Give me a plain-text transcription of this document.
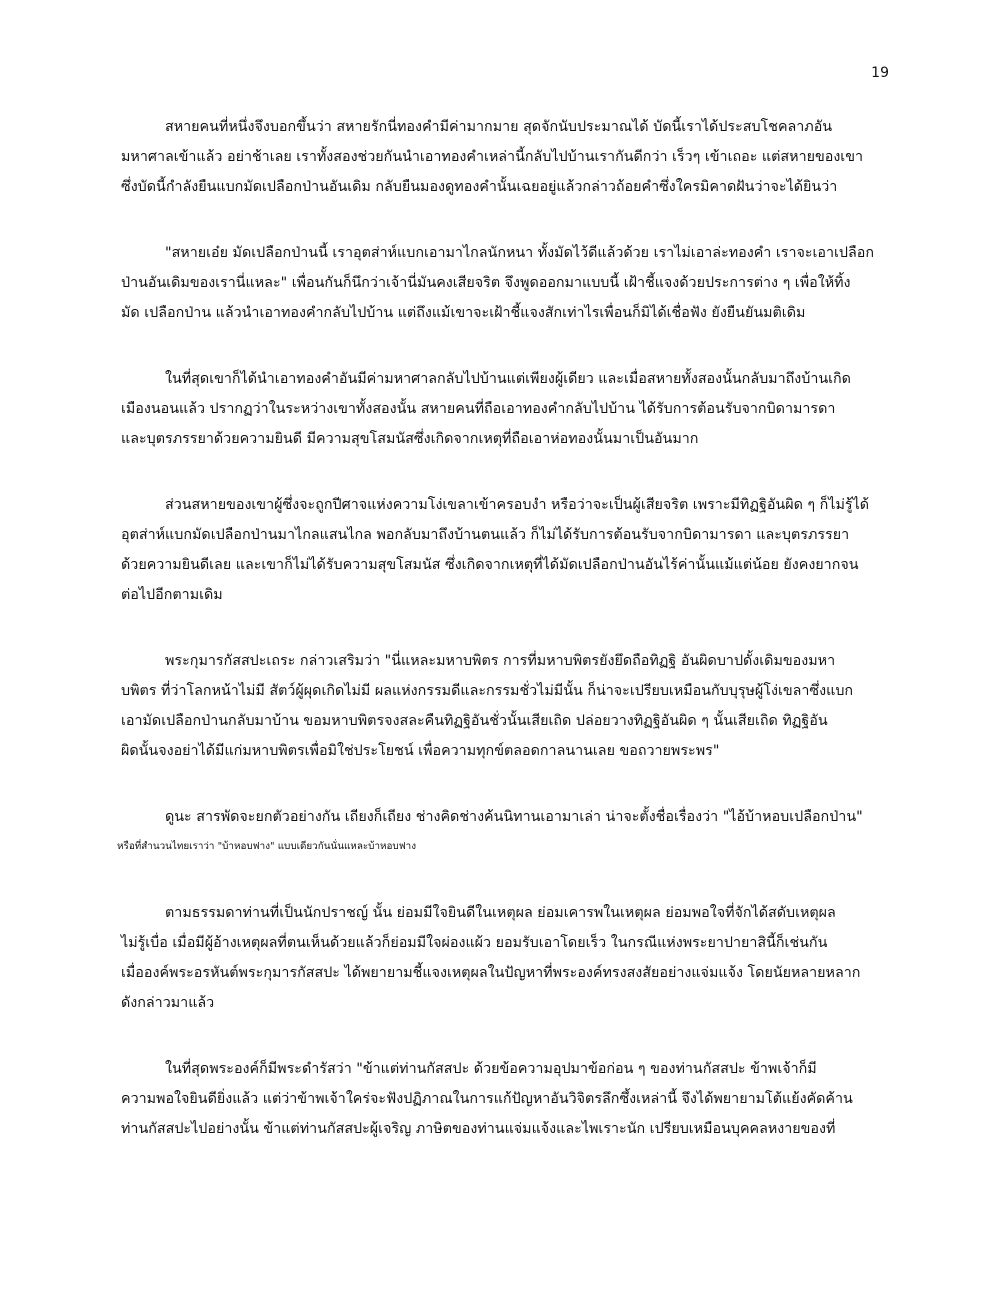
19
สหายคนที่หนึ่งจึงบอกขึ้นว่า สหายรักนี่ทองคำมีค่ามากมาย สุดจักนับประมาณได้ บัดนี้เราได้ประสบโชคลาภอัน
มหาศาลเข้าแล้ว อย่าช้าเลย เราทั้งสองช่วยกันนำเอาทองคำเหล่านี้กลับไปบ้านเรากันดีกว่า เร็วๆ เข้าเถอะ แต่สหายของเขา
ซึ่งบัดนี้กำลังยืนแบกมัดเปลือกป่านอันเดิม กลับยืนมองดูทองคำนั้นเฉยอยู่แล้วกล่าวถ้อยคำซึ่งใครมิคาดฝันว่าจะได้ยินว่า
"สหายเอ๋ย มัดเปลือกป่านนี้ เราอุตส่าห์แบกเอามาไกลนักหนา ทั้งมัดไว้ดีแล้วด้วย เราไม่เอาล่ะทองคำ เราจะเอาเปลือก
ป่านอันเดิมของเรานี่แหละ" เพื่อนกันก็นึกว่าเจ้านี่มันคงเสียจริต จึงพูดออกมาแบบนี้ เฝ้าชี้แจงด้วยประการต่าง ๆ เพื่อให้ทิ้ง
มัด เปลือกป่าน แล้วนำเอาทองคำกลับไปบ้าน แต่ถึงแม้เขาจะเฝ้าชี้แจงสักเท่าไรเพื่อนก็มิได้เชื่อฟัง ยังยืนยันมติเดิม
ในที่สุดเขาก็ได้นำเอาทองคำอันมีค่ามหาศาลกลับไปบ้านแต่เพียงผู้เดียว และเมื่อสหายทั้งสองนั้นกลับมาถึงบ้านเกิด
เมืองนอนแล้ว ปรากฏว่าในระหว่างเขาทั้งสองนั้น สหายคนที่ถือเอาทองคำกลับไปบ้าน ได้รับการต้อนรับจากบิดามารดา
และบุตรภรรยาด้วยความยินดี มีความสุขโสมนัสซึ่งเกิดจากเหตุที่ถือเอาห่อทองนั้นมาเป็นอันมาก
ส่วนสหายของเขาผู้ซึ่งจะถูกปีศาจแห่งความโง่เขลาเข้าครอบงำ หรือว่าจะเป็นผู้เสียจริต เพราะมีทิฏฐิอันผิด ๆ ก็ไม่รู้ได้
อุตส่าห์แบกมัดเปลือกป่านมาไกลแสนไกล พอกลับมาถึงบ้านตนแล้ว ก็ไม่ได้รับการต้อนรับจากบิดามารดา และบุตรภรรยา
ด้วยความยินดีเลย และเขาก็ไม่ได้รับความสุขโสมนัส ซึ่งเกิดจากเหตุที่ได้มัดเปลือกป่านอันไร้ค่านั้นแม้แต่น้อย ยังคงยากจน
ต่อไปอีกตามเดิม
พระกุมารกัสสปะเถระ กล่าวเสริมว่า "นี่แหละมหาบพิตร การที่มหาบพิตรยังยึดถือทิฏฐิ อันผิดบาปดั้งเดิมของมหา
บพิตร ที่ว่าโลกหน้าไม่มี สัตว์ผู้ผุดเกิดไม่มี ผลแห่งกรรมดีและกรรมชั่วไม่มีนั้น ก็น่าจะเปรียบเหมือนกับบุรุษผู้โง่เขลาซึ่งแบก
เอามัดเปลือกป่านกลับมาบ้าน ขอมหาบพิตรจงสละคืนทิฏฐิอันชั่วนั้นเสียเถิด ปล่อยวางทิฏฐิอันผิด ๆ นั้นเสียเถิด ทิฏฐิอัน
ผิดนั้นจงอย่าได้มีแก่มหาบพิตรเพื่อมิใช่ประโยชน์ เพื่อความทุกข์ตลอดกาลนานเลย ขอถวายพระพร"
ดูนะ สารพัดจะยกตัวอย่างกัน เถียงก็เถียง ช่างคิดช่างค้นนิทานเอามาเล่า น่าจะตั้งชื่อเรื่องว่า "ไอ้บ้าหอบเปลือกป่าน"
หรือที่สำนวนไทยเราว่า "บ้าหอบฟาง" แบบเดียวกันนั่นแหละบ้าหอบฟาง
ตามธรรมดาท่านที่เป็นนักปราชญ์ นั้น ย่อมมีใจยินดีในเหตุผล ย่อมเคารพในเหตุผล ย่อมพอใจที่จักได้สดับเหตุผล
ไม่รู้เบื่อ เมื่อมีผู้อ้างเหตุผลที่ตนเห็นด้วยแล้วก็ย่อมมีใจผ่องแผ้ว ยอมรับเอาโดยเร็ว ในกรณีแห่งพระยาปายาสินี้ก็เช่นกัน
เมื่อองค์พระอรหันต์พระกุมารกัสสปะ ได้พยายามชี้แจงเหตุผลในปัญหาที่พระองค์ทรงสงสัยอย่างแจ่มแจ้ง โดยนัยหลายหลาก
ดังกล่าวมาแล้ว
ในที่สุดพระองค์ก็มีพระดำรัสว่า "ข้าแต่ท่านกัสสปะ ด้วยข้อความอุปมาข้อก่อน ๆ ของท่านกัสสปะ ข้าพเจ้าก็มี
ความพอใจยินดียิ่งแล้ว แต่ว่าข้าพเจ้าใคร่จะฟังปฏิภาณในการแก้ปัญหาอันวิจิตรลึกซึ้งเหล่านี้ จึงได้พยายามโต้แย้งคัดค้าน
ท่านกัสสปะไปอย่างนั้น ข้าแต่ท่านกัสสปะผู้เจริญ ภาษิตของท่านแจ่มแจ้งและไพเราะนัก เปรียบเหมือนบุคคลหงายของที่
